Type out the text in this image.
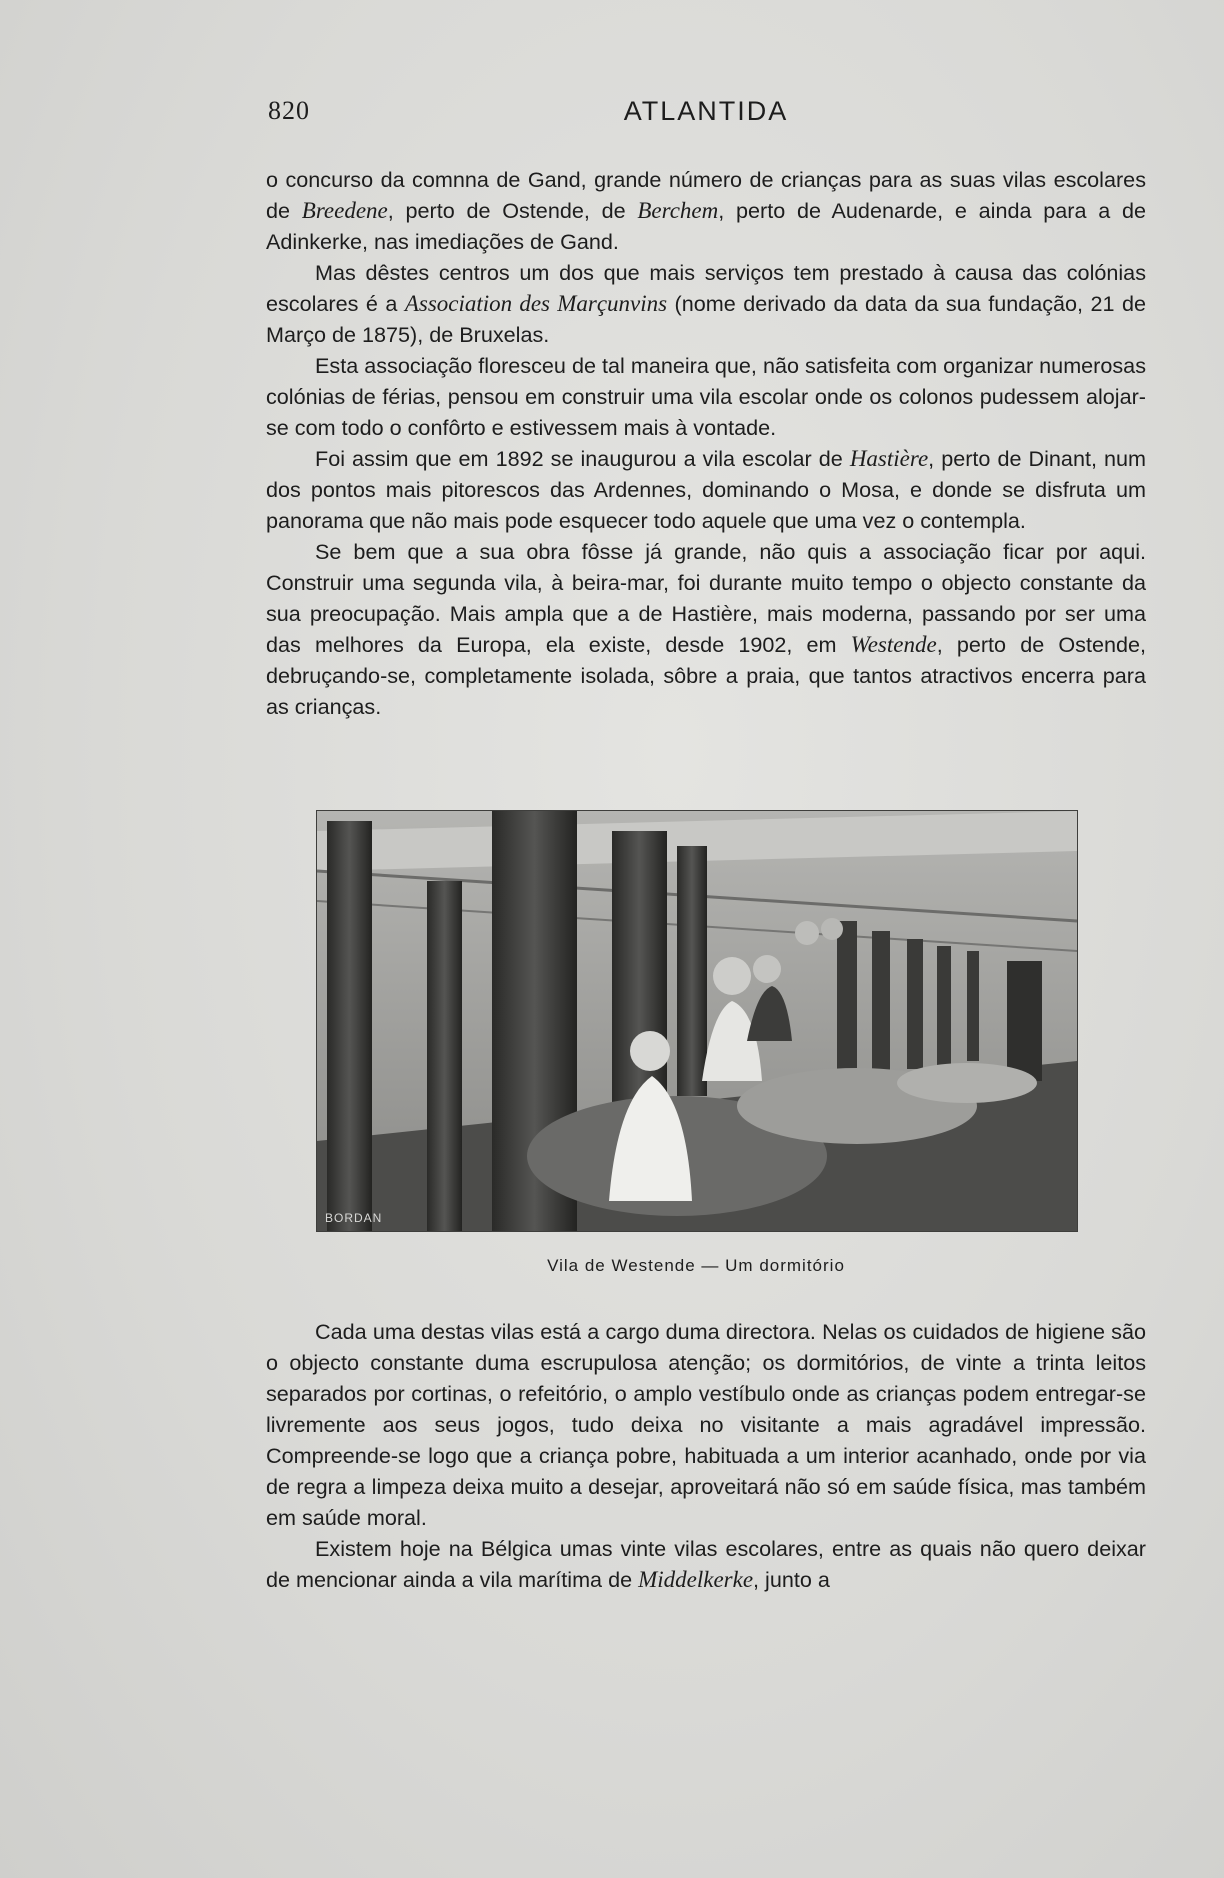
820	ATLANTIDA

o concurso da comnna de Gand, grande número de crianças para as suas vilas escolares de Breedene, perto de Ostende, de Berchem, perto de Audenarde, e ainda para a de Adinkerke, nas imediações de Gand.

Mas dêstes centros um dos que mais serviços tem prestado à causa das colónias escolares é a Association des Marçunvins (nome derivado da data da sua fundação, 21 de Março de 1875), de Bruxelas.

Esta associação floresceu de tal maneira que, não satisfeita com organizar numerosas colónias de férias, pensou em construir uma vila escolar onde os colonos pudessem alojar-se com todo o confôrto e estivessem mais à vontade.

Foi assim que em 1892 se inaugurou a vila escolar de Hastière, perto de Dinant, num dos pontos mais pitorescos das Ardennes, dominando o Mosa, e donde se disfruta um panorama que não mais pode esquecer todo aquele que uma vez o contempla.

Se bem que a sua obra fôsse já grande, não quis a associação ficar por aqui. Construir uma segunda vila, à beira-mar, foi durante muito tempo o objecto constante da sua preocupação. Mais ampla que a de Hastière, mais moderna, passando por ser uma das melhores da Europa, ela existe, desde 1902, em Westende, perto de Ostende, debruçando-se, completamente isolada, sôbre a praia, que tantos atractivos encerra para as crianças.

BORDAN
Vila de Westende — Um dormitório

Cada uma destas vilas está a cargo duma directora. Nelas os cuidados de higiene são o objecto constante duma escrupulosa atenção; os dormitórios, de vinte a trinta leitos separados por cortinas, o refeitório, o amplo vestíbulo onde as crianças podem entregar-se livremente aos seus jogos, tudo deixa no visitante a mais agradável impressão. Compreende-se logo que a criança pobre, habituada a um interior acanhado, onde por via de regra a limpeza deixa muito a desejar, aproveitará não só em saúde física, mas também em saúde moral.

Existem hoje na Bélgica umas vinte vilas escolares, entre as quais não quero deixar de mencionar ainda a vila marítima de Middelkerke, junto a
